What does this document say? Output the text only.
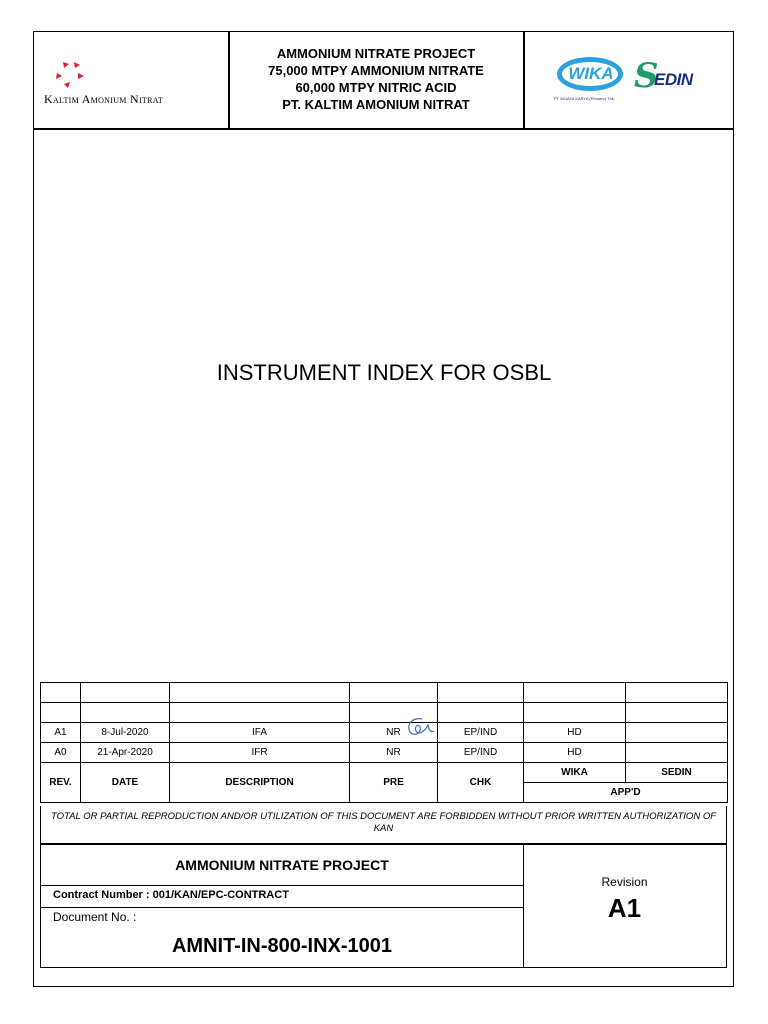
Kaltim Amonium Nitrat
AMMONIUM NITRATE PROJECT
75,000 MTPY AMMONIUM NITRATE
60,000 MTPY NITRIC ACID
PT. KALTIM AMONIUM NITRAT
WIKA
PT WIJAYA KARYA (Persero) Tbk.
S
EDIN
INSTRUMENT INDEX FOR OSBL

A1	8-Jul-2020	IFA	NR	EP/IND	HD	
A0	21-Apr-2020	IFR	NR	EP/IND	HD	
REV.	DATE	DESCRIPTION	PRE	CHK	WIKA	SEDIN
					APP'D	
TOTAL OR PARTIAL REPRODUCTION AND/OR UTILIZATION OF THIS DOCUMENT ARE FORBIDDEN WITHOUT PRIOR WRITTEN AUTHORIZATION OF KAN
AMMONIUM NITRATE PROJECT
Contract Number : 001/KAN/EPC-CONTRACT
Document No. :
AMNIT-IN-800-INX-1001
Revision
A1
